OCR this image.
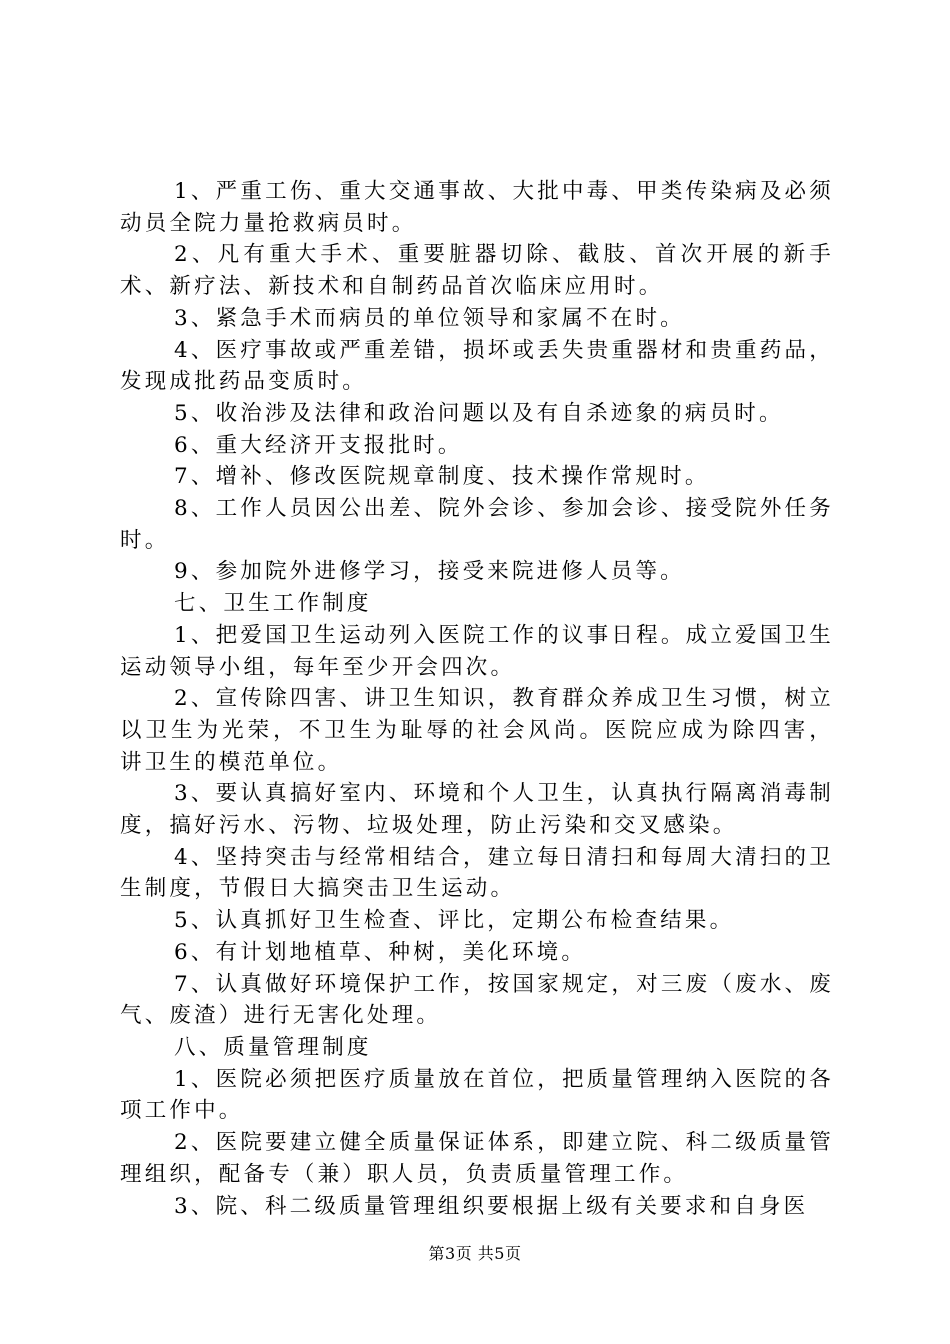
1、严重工伤、重大交通事故、大批中毒、甲类传染病及必须动员全院力量抢救病员时。

2、凡有重大手术、重要脏器切除、截肢、首次开展的新手术、新疗法、新技术和自制药品首次临床应用时。

3、紧急手术而病员的单位领导和家属不在时。

4、医疗事故或严重差错，损坏或丢失贵重器材和贵重药品，发现成批药品变质时。

5、收治涉及法律和政治问题以及有自杀迹象的病员时。

6、重大经济开支报批时。

7、增补、修改医院规章制度、技术操作常规时。

8、工作人员因公出差、院外会诊、参加会诊、接受院外任务时。

9、参加院外进修学习，接受来院进修人员等。

七、卫生工作制度

1、把爱国卫生运动列入医院工作的议事日程。成立爱国卫生运动领导小组，每年至少开会四次。

2、宣传除四害、讲卫生知识，教育群众养成卫生习惯，树立以卫生为光荣，不卫生为耻辱的社会风尚。医院应成为除四害，讲卫生的模范单位。

3、要认真搞好室内、环境和个人卫生，认真执行隔离消毒制度，搞好污水、污物、垃圾处理，防止污染和交叉感染。

4、坚持突击与经常相结合，建立每日清扫和每周大清扫的卫生制度，节假日大搞突击卫生运动。

5、认真抓好卫生检查、评比，定期公布检查结果。

6、有计划地植草、种树，美化环境。

7、认真做好环境保护工作，按国家规定，对三废（废水、废气、废渣）进行无害化处理。

八、质量管理制度

1、医院必须把医疗质量放在首位，把质量管理纳入医院的各项工作中。

2、医院要建立健全质量保证体系，即建立院、科二级质量管理组织，配备专（兼）职人员，负责质量管理工作。

3、院、科二级质量管理组织要根据上级有关要求和自身医

第3页 共5页
